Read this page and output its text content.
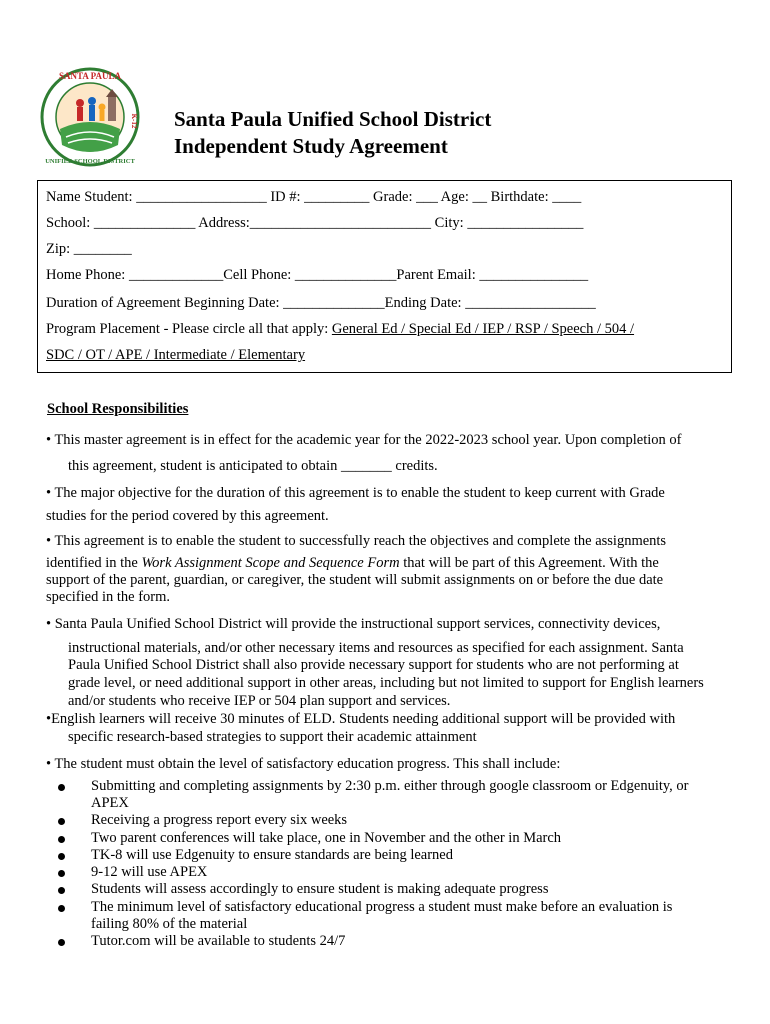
SANTA PAULA
UNIFIED SCHOOL DISTRICT
K-12 Santa Paula Unified School District
Independent Study Agreement
Name Student: __________________ ID #: _________ Grade: ___ Age: __ Birthdate: ____
School: ______________ Address:_________________________ City: ________________
Zip: ________
Home Phone: _____________Cell Phone: ______________Parent Email: _______________
Duration of Agreement Beginning Date: ______________Ending Date: __________________
Program Placement - Please circle all that apply: General Ed / Special Ed / IEP / RSP / Speech / 504 /
SDC / OT / APE / Intermediate / Elementary
School Responsibilities
• This master agreement is in effect for the academic year for the 2022-2023 school year. Upon completion of
this agreement, student is anticipated to obtain _______ credits.
• The major objective for the duration of this agreement is to enable the student to keep current with Grade
studies for the period covered by this agreement.
• This agreement is to enable the student to successfully reach the objectives and complete the assignments
identified in the Work Assignment Scope and Sequence Form that will be part of this Agreement. With the
support of the parent, guardian, or caregiver, the student will submit assignments on or before the due date
specified in the form.
• Santa Paula Unified School District will provide the instructional support services, connectivity devices,
instructional materials, and/or other necessary items and resources as specified for each assignment. Santa
Paula Unified School District shall also provide necessary support for students who are not performing at
grade level, or need additional support in other areas, including but not limited to support for English learners
and/or students who receive IEP or 504 plan support and services.
•English learners will receive 30 minutes of ELD. Students needing additional support will be provided with
specific research-based strategies to support their academic attainment
• The student must obtain the level of satisfactory education progress. This shall include:
Submitting and completing assignments by 2:30 p.m. either through google classroom or Edgenuity, or
APEX
Receiving a progress report every six weeks
Two parent conferences will take place, one in November and the other in March
TK-8 will use Edgenuity to ensure standards are being learned
9-12 will use APEX
Students will assess accordingly to ensure student is making adequate progress
The minimum level of satisfactory educational progress a student must make before an evaluation is
failing 80% of the material
Tutor.com will be available to students 24/7
